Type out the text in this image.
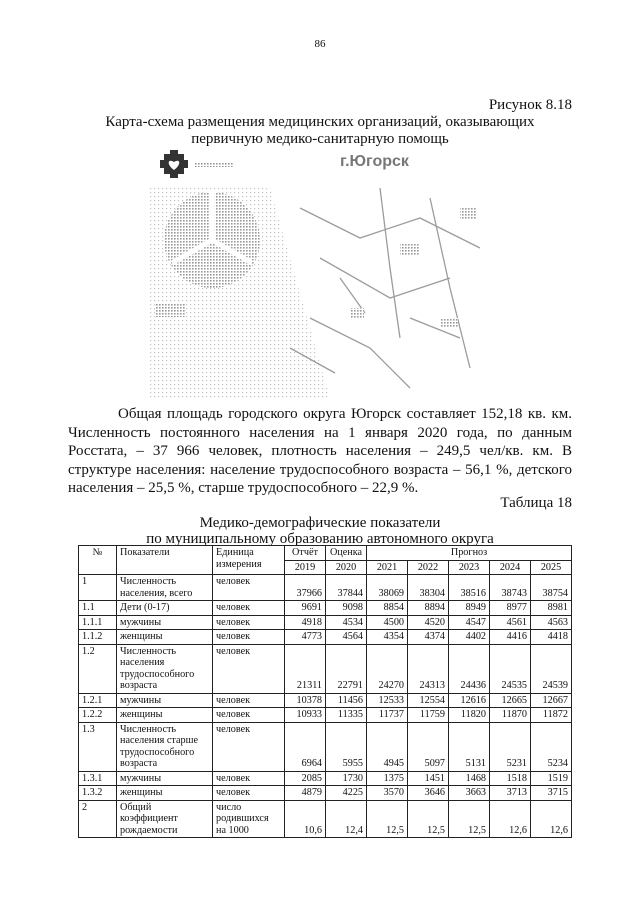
86
Рисунок 8.18
Карта-схема размещения медицинских организаций, оказывающих
первичную медико-санитарную помощь
г.Югорск

Общая площадь городского округа Югорск составляет 152,18 кв. км. Численность постоянного населения на 1 января 2020 года, по данным Росстата, – 37 966 человек, плотность населения – 249,5 чел/кв. км. В структуре населения: население трудоспособного возраста – 56,1 %, детского населения – 25,5 %, старше трудоспособного – 22,9 %.

Таблица 18
Медико-демографические показатели
по муниципальному образованию автономного округа
№	Показатели	Единица измерения	Отчёт	Оценка	Прогноз				
			2019	2020	2021	2022	2023	2024	2025
1	Численность населения, всего	человек	37966	37844	38069	38304	38516	38743	38754
1.1	Дети (0-17)	человек	9691	9098	8854	8894	8949	8977	8981
1.1.1	мужчины	человек	4918	4534	4500	4520	4547	4561	4563
1.1.2	женщины	человек	4773	4564	4354	4374	4402	4416	4418
1.2	Численность населения трудоспособного возраста	человек	21311	22791	24270	24313	24436	24535	24539
1.2.1	мужчины	человек	10378	11456	12533	12554	12616	12665	12667
1.2.2	женщины	человек	10933	11335	11737	11759	11820	11870	11872
1.3	Численность населения старше трудоспособного возраста	человек	6964	5955	4945	5097	5131	5231	5234
1.3.1	мужчины	человек	2085	1730	1375	1451	1468	1518	1519
1.3.2	женщины	человек	4879	4225	3570	3646	3663	3713	3715
2	Общий коэффициент рождаемости	число родившихся на 1000	10,6	12,4	12,5	12,5	12,5	12,6	12,6
